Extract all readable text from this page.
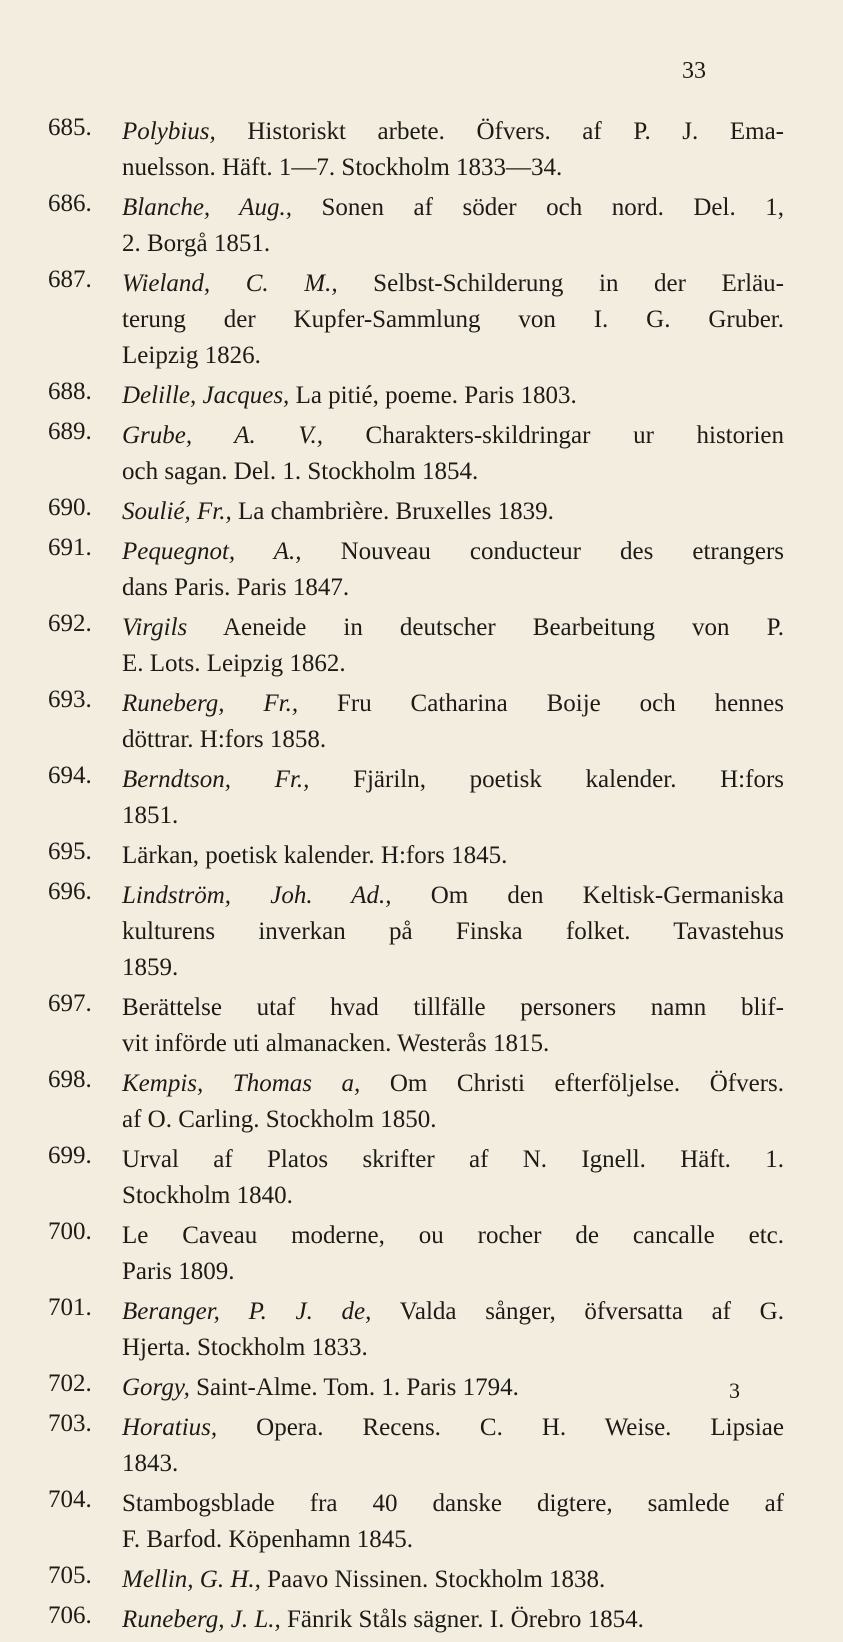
33
685.	Polybius, Historiskt arbete. Öfvers. af P. J. Ema-
nuelsson. Häft. 1—7. Stockholm 1833—34.
686.	Blanche, Aug., Sonen af söder och nord. Del. 1,
2. Borgå 1851.
687.	Wieland, C. M., Selbst-Schilderung in der Erläu-
terung der Kupfer-Sammlung von I. G. Gruber.
Leipzig 1826.
688.	Delille, Jacques, La pitié, poeme. Paris 1803.
689.	Grube, A. V., Charakters-skildringar ur historien
och sagan. Del. 1. Stockholm 1854.
690.	Soulié, Fr., La chambrière. Bruxelles 1839.
691.	Pequegnot, A., Nouveau conducteur des etrangers
dans Paris. Paris 1847.
692.	Virgils Aeneide in deutscher Bearbeitung von P.
E. Lots. Leipzig 1862.
693.	Runeberg, Fr., Fru Catharina Boije och hennes
döttrar. H:fors 1858.
694.	Berndtson, Fr., Fjäriln, poetisk kalender. H:fors
1851.
695.	Lärkan, poetisk kalender. H:fors 1845.
696.	Lindström, Joh. Ad., Om den Keltisk-Germaniska
kulturens inverkan på Finska folket. Tavastehus
1859.
697.	Berättelse utaf hvad tillfälle personers namn blif-
vit införde uti almanacken. Westerås 1815.
698.	Kempis, Thomas a, Om Christi efterföljelse. Öfvers.
af O. Carling. Stockholm 1850.
699.	Urval af Platos skrifter af N. Ignell. Häft. 1.
Stockholm 1840.
700.	Le Caveau moderne, ou rocher de cancalle etc.
Paris 1809.
701.	Beranger, P. J. de, Valda sånger, öfversatta af G.
Hjerta. Stockholm 1833.
702.	Gorgy, Saint-Alme. Tom. 1. Paris 1794.
703.	Horatius, Opera. Recens. C. H. Weise. Lipsiae
1843.
704.	Stambogsblade fra 40 danske digtere, samlede af
F. Barfod. Köpenhamn 1845.
705.	Mellin, G. H., Paavo Nissinen. Stockholm 1838.
706.	Runeberg, J. L., Fänrik Ståls sägner. I. Örebro 1854.
3
